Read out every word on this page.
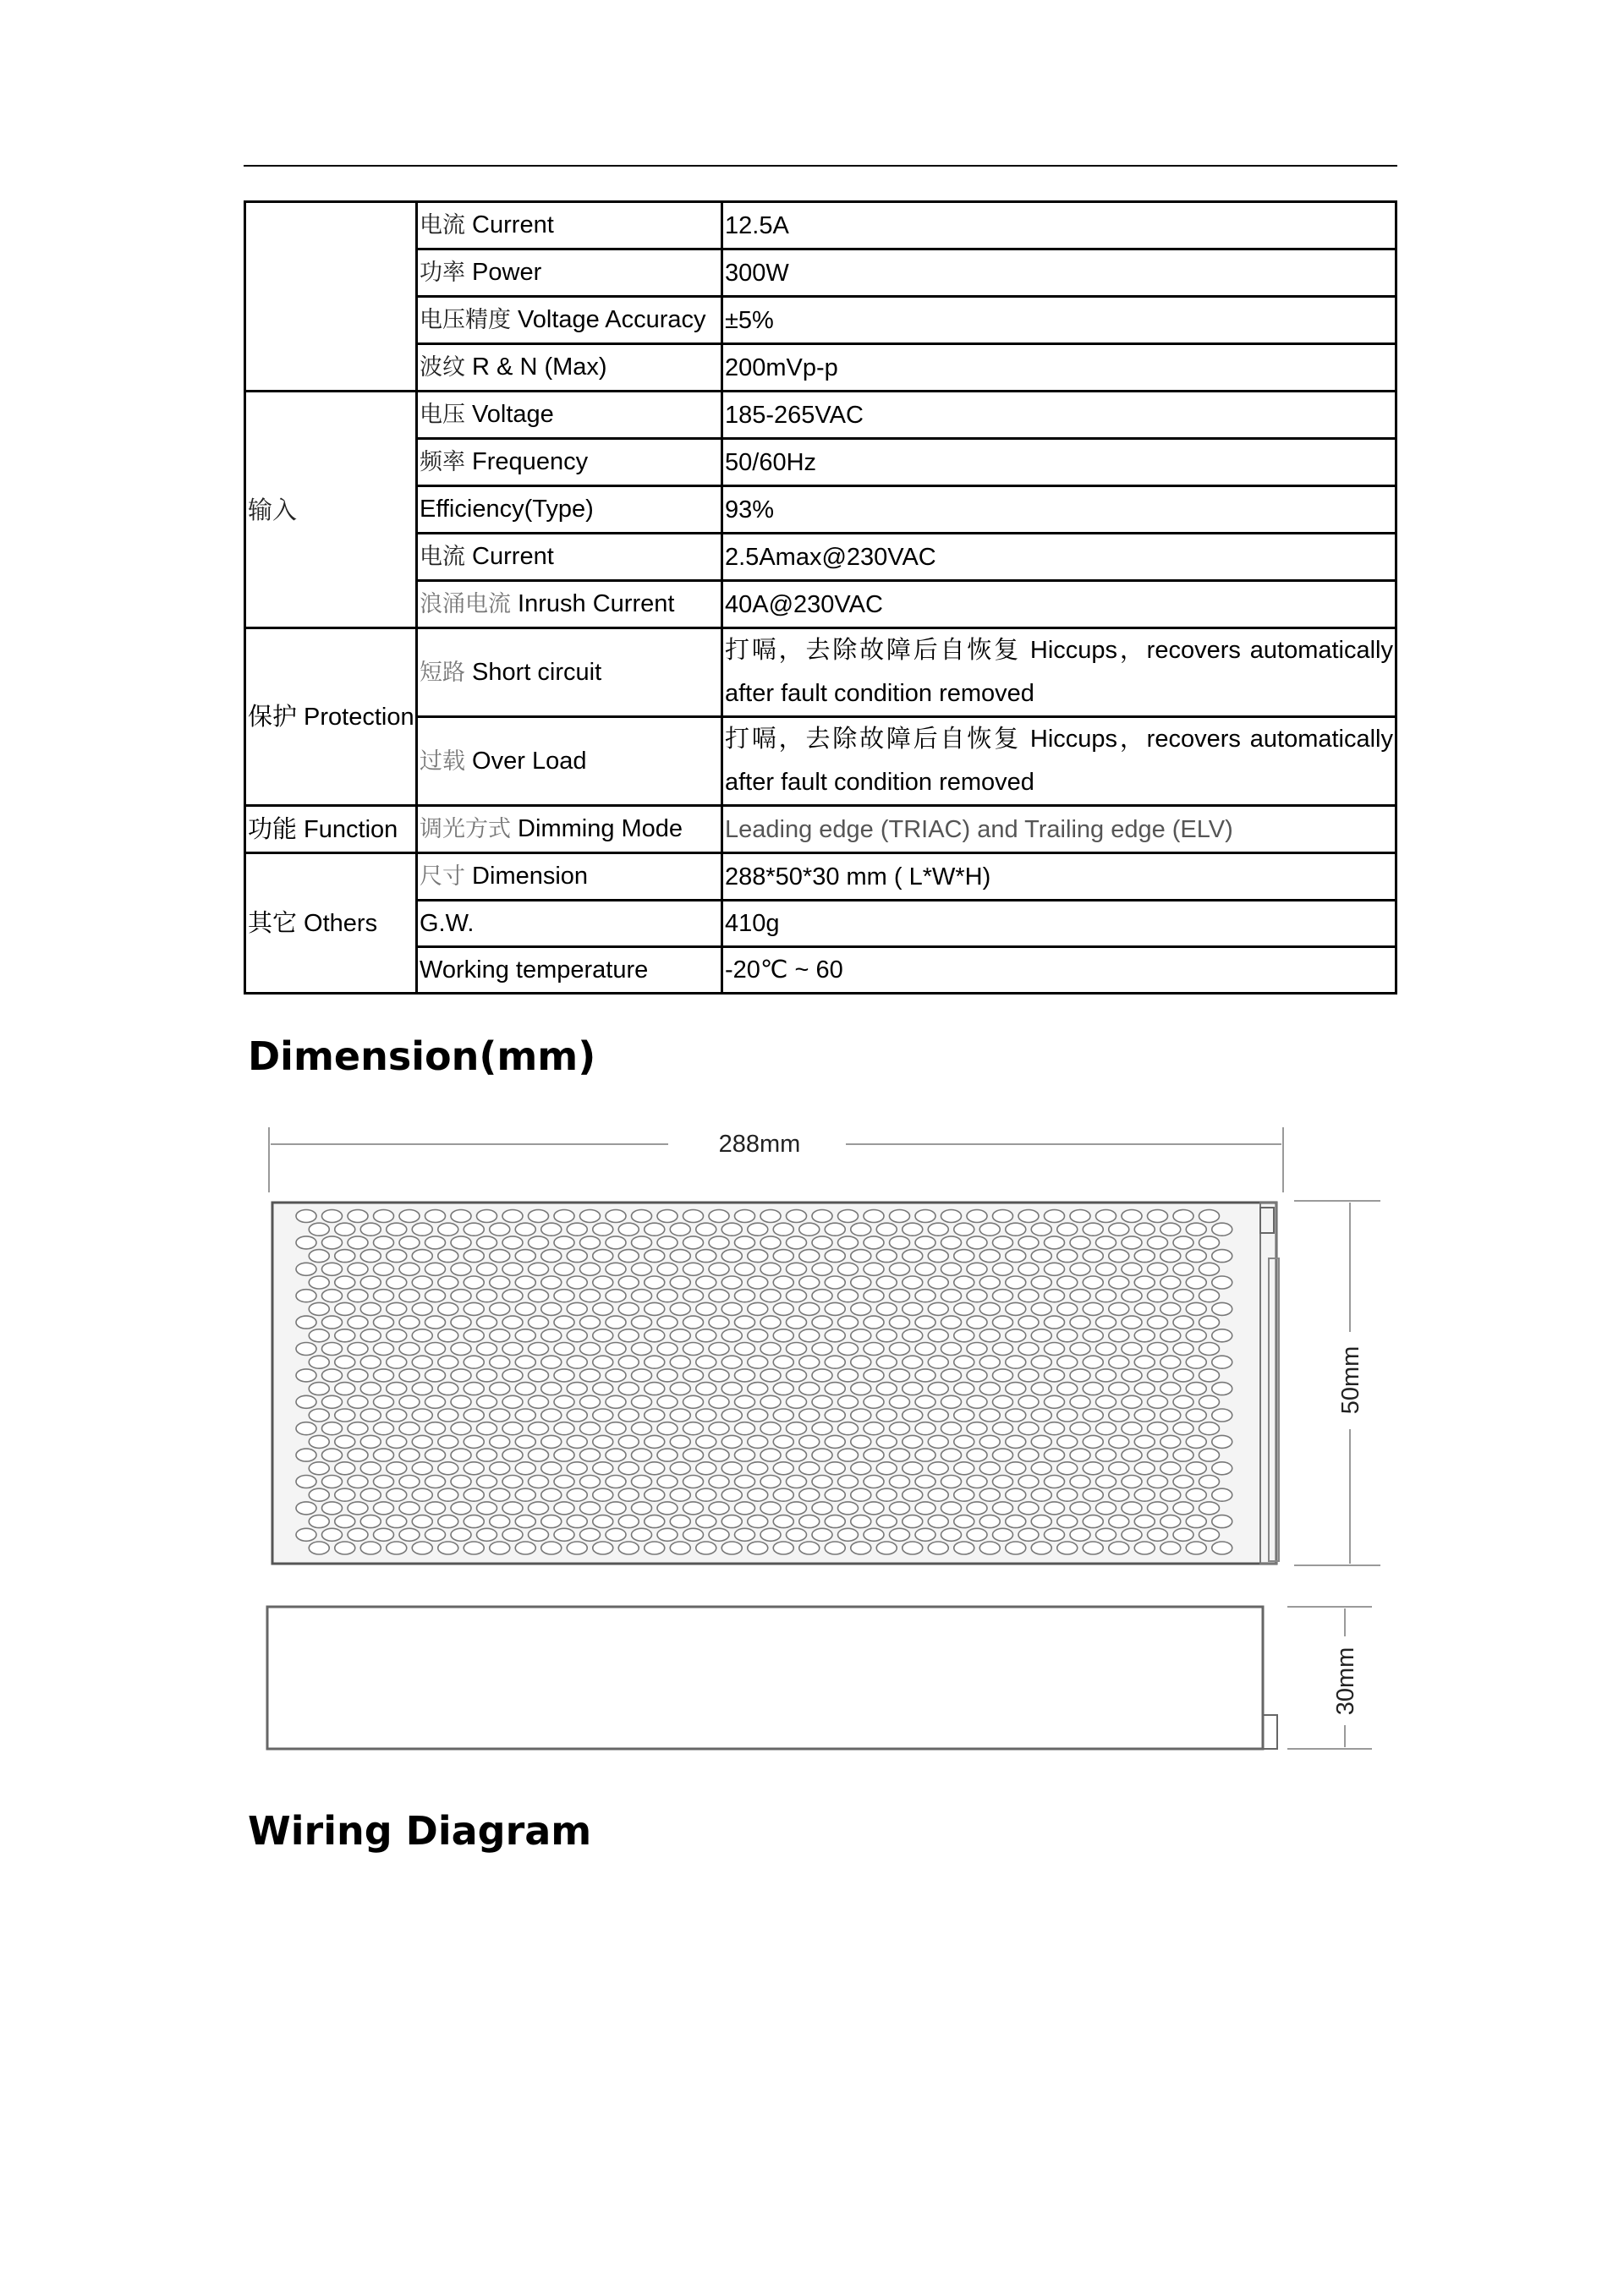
	电流 Current	12.5A
	功率 Power	300W
	电压精度 Voltage Accuracy	±5%
	波纹 R & N (Max)	200mVp-p
输入	电压 Voltage	185-265VAC
	频率 Frequency	50/60Hz
	Efficiency(Type)	93%
	电流 Current	2.5Amax@230VAC
	浪涌电流 Inrush Current	40A@230VAC
保护 Protection	短路 Short circuit	打嗝，去除故障后自恢复 Hiccups，recovers automatically after fault condition removed
	过载 Over Load	打嗝，去除故障后自恢复 Hiccups，recovers automatically after fault condition removed
功能 Function	调光方式 Dimming Mode	Leading edge (TRIAC) and Trailing edge (ELV)
其它 Others	尺寸 Dimension	288*50*30 mm ( L*W*H)
	G.W.	410g
	Working temperature	-20℃ ~ 60
Dimension(mm)
288mm
50mm
30mm
Wiring Diagram
